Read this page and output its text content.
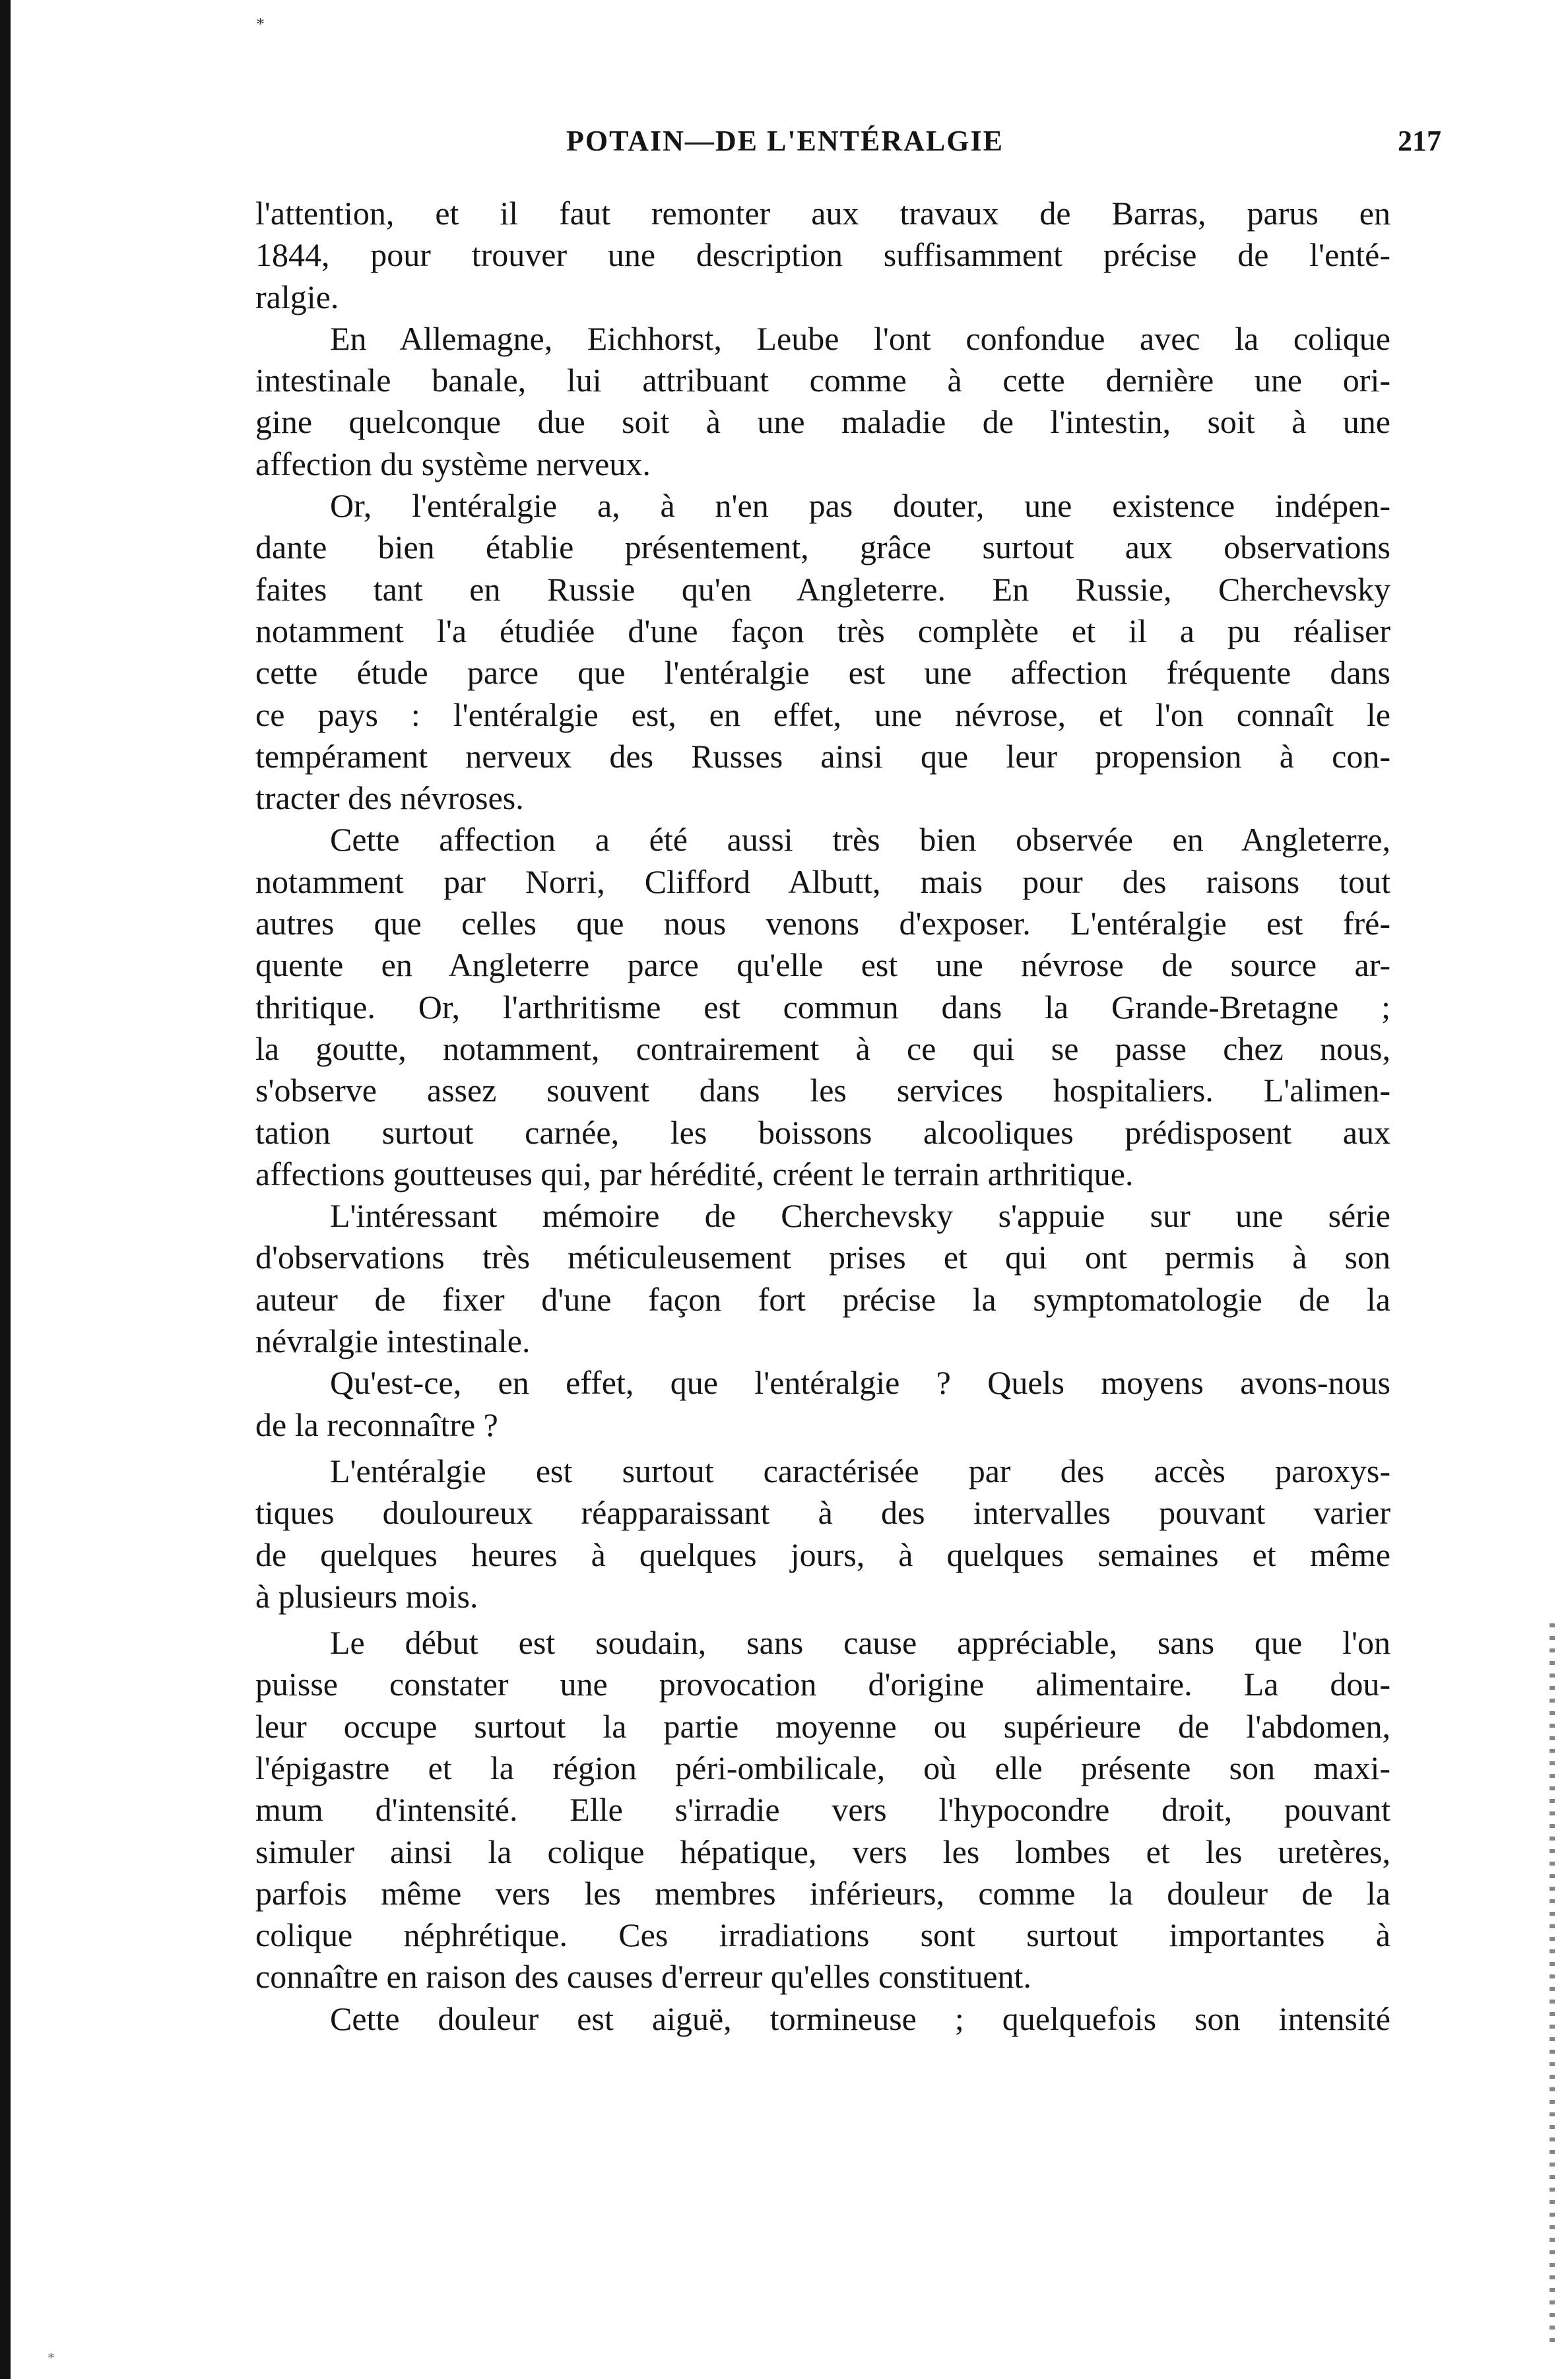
*
*
POTAIN—DE L'ENTÉRALGIE	217
l'attention, et il faut remonter aux travaux de Barras, parus en
1844, pour trouver une description suffisamment précise de l'enté-
ralgie.
En Allemagne, Eichhorst, Leube l'ont confondue avec la colique
intestinale banale, lui attribuant comme à cette dernière une ori-
gine quelconque due soit à une maladie de l'intestin, soit à une
affection du système nerveux.
Or, l'entéralgie a, à n'en pas douter, une existence indépen-
dante bien établie présentement, grâce surtout aux observations
faites tant en Russie qu'en Angleterre. En Russie, Cherchevsky
notamment l'a étudiée d'une façon très complète et il a pu réaliser
cette étude parce que l'entéralgie est une affection fréquente dans
ce pays : l'entéralgie est, en effet, une névrose, et l'on connaît le
tempérament nerveux des Russes ainsi que leur propension à con-
tracter des névroses.
Cette affection a été aussi très bien observée en Angleterre,
notamment par Norri, Clifford Albutt, mais pour des raisons tout
autres que celles que nous venons d'exposer. L'entéralgie est fré-
quente en Angleterre parce qu'elle est une névrose de source ar-
thritique. Or, l'arthritisme est commun dans la Grande-Bretagne ;
la goutte, notamment, contrairement à ce qui se passe chez nous,
s'observe assez souvent dans les services hospitaliers. L'alimen-
tation surtout carnée, les boissons alcooliques prédisposent aux
affections goutteuses qui, par hérédité, créent le terrain arthritique.
L'intéressant mémoire de Cherchevsky s'appuie sur une série
d'observations très méticuleusement prises et qui ont permis à son
auteur de fixer d'une façon fort précise la symptomatologie de la
névralgie intestinale.
Qu'est-ce, en effet, que l'entéralgie ? Quels moyens avons-nous
de la reconnaître ?
L'entéralgie est surtout caractérisée par des accès paroxys-
tiques douloureux réapparaissant à des intervalles pouvant varier
de quelques heures à quelques jours, à quelques semaines et même
à plusieurs mois.
Le début est soudain, sans cause appréciable, sans que l'on
puisse constater une provocation d'origine alimentaire. La dou-
leur occupe surtout la partie moyenne ou supérieure de l'abdomen,
l'épigastre et la région péri-ombilicale, où elle présente son maxi-
mum d'intensité. Elle s'irradie vers l'hypocondre droit, pouvant
simuler ainsi la colique hépatique, vers les lombes et les uretères,
parfois même vers les membres inférieurs, comme la douleur de la
colique néphrétique. Ces irradiations sont surtout importantes à
connaître en raison des causes d'erreur qu'elles constituent.
Cette douleur est aiguë, tormineuse ; quelquefois son intensité
